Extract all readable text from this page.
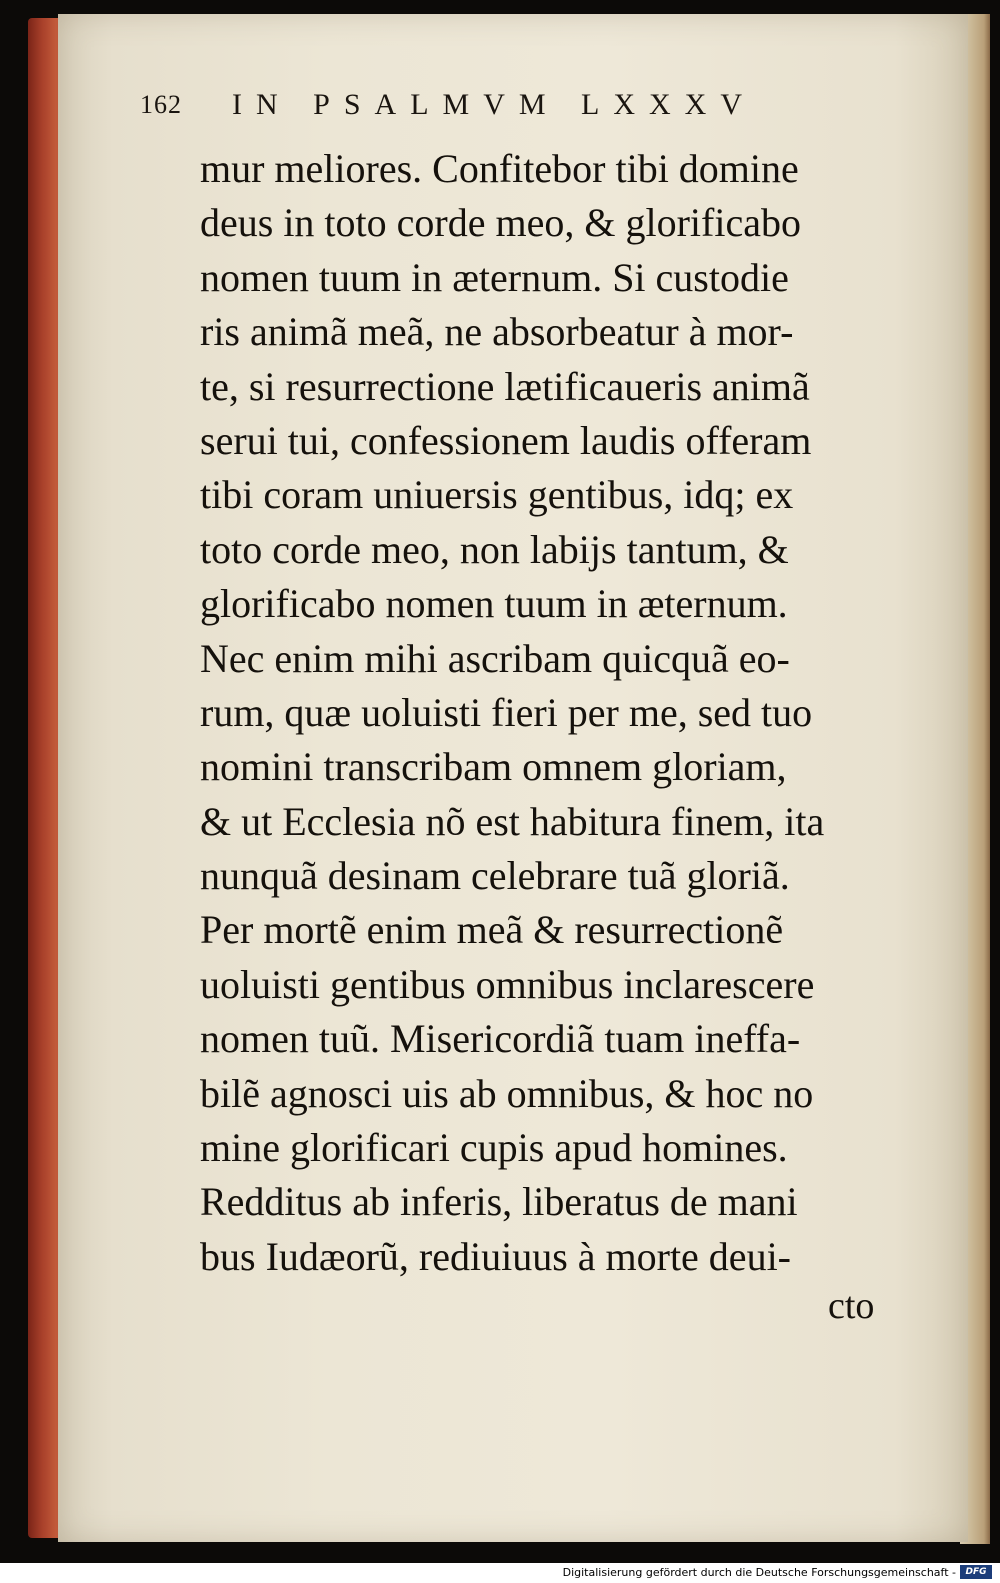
162 IN PSALMVM LXXXV
mur meliores. Confitebor tibi domine
deus in toto corde meo, & glorificabo
nomen tuum in æternum. Si custodie
ris animã meã, ne absorbeatur à mor-
te, si resurrectione lætificaueris animã
serui tui, confessionem laudis offeram
tibi coram uniuersis gentibus, idq; ex
toto corde meo, non labijs tantum, &
glorificabo nomen tuum in æternum.
Nec enim mihi ascribam quicquã eo-
rum, quæ uoluisti fieri per me, sed tuo
nomini transcribam omnem gloriam,
& ut Ecclesia nõ est habitura finem, ita
nunquã desinam celebrare tuã gloriã.
Per mortẽ enim meã & resurrectionẽ
uoluisti gentibus omnibus inclarescere
nomen tuũ. Misericordiã tuam ineffa-
bilẽ agnosci uis ab omnibus, & hoc no
mine glorificari cupis apud homines.
Redditus ab inferis, liberatus de mani
bus Iudæorũ, rediuiuus à morte deui-
cto
Digitalisierung gefördert durch die Deutsche Forschungsgemeinschaft -	DFG
